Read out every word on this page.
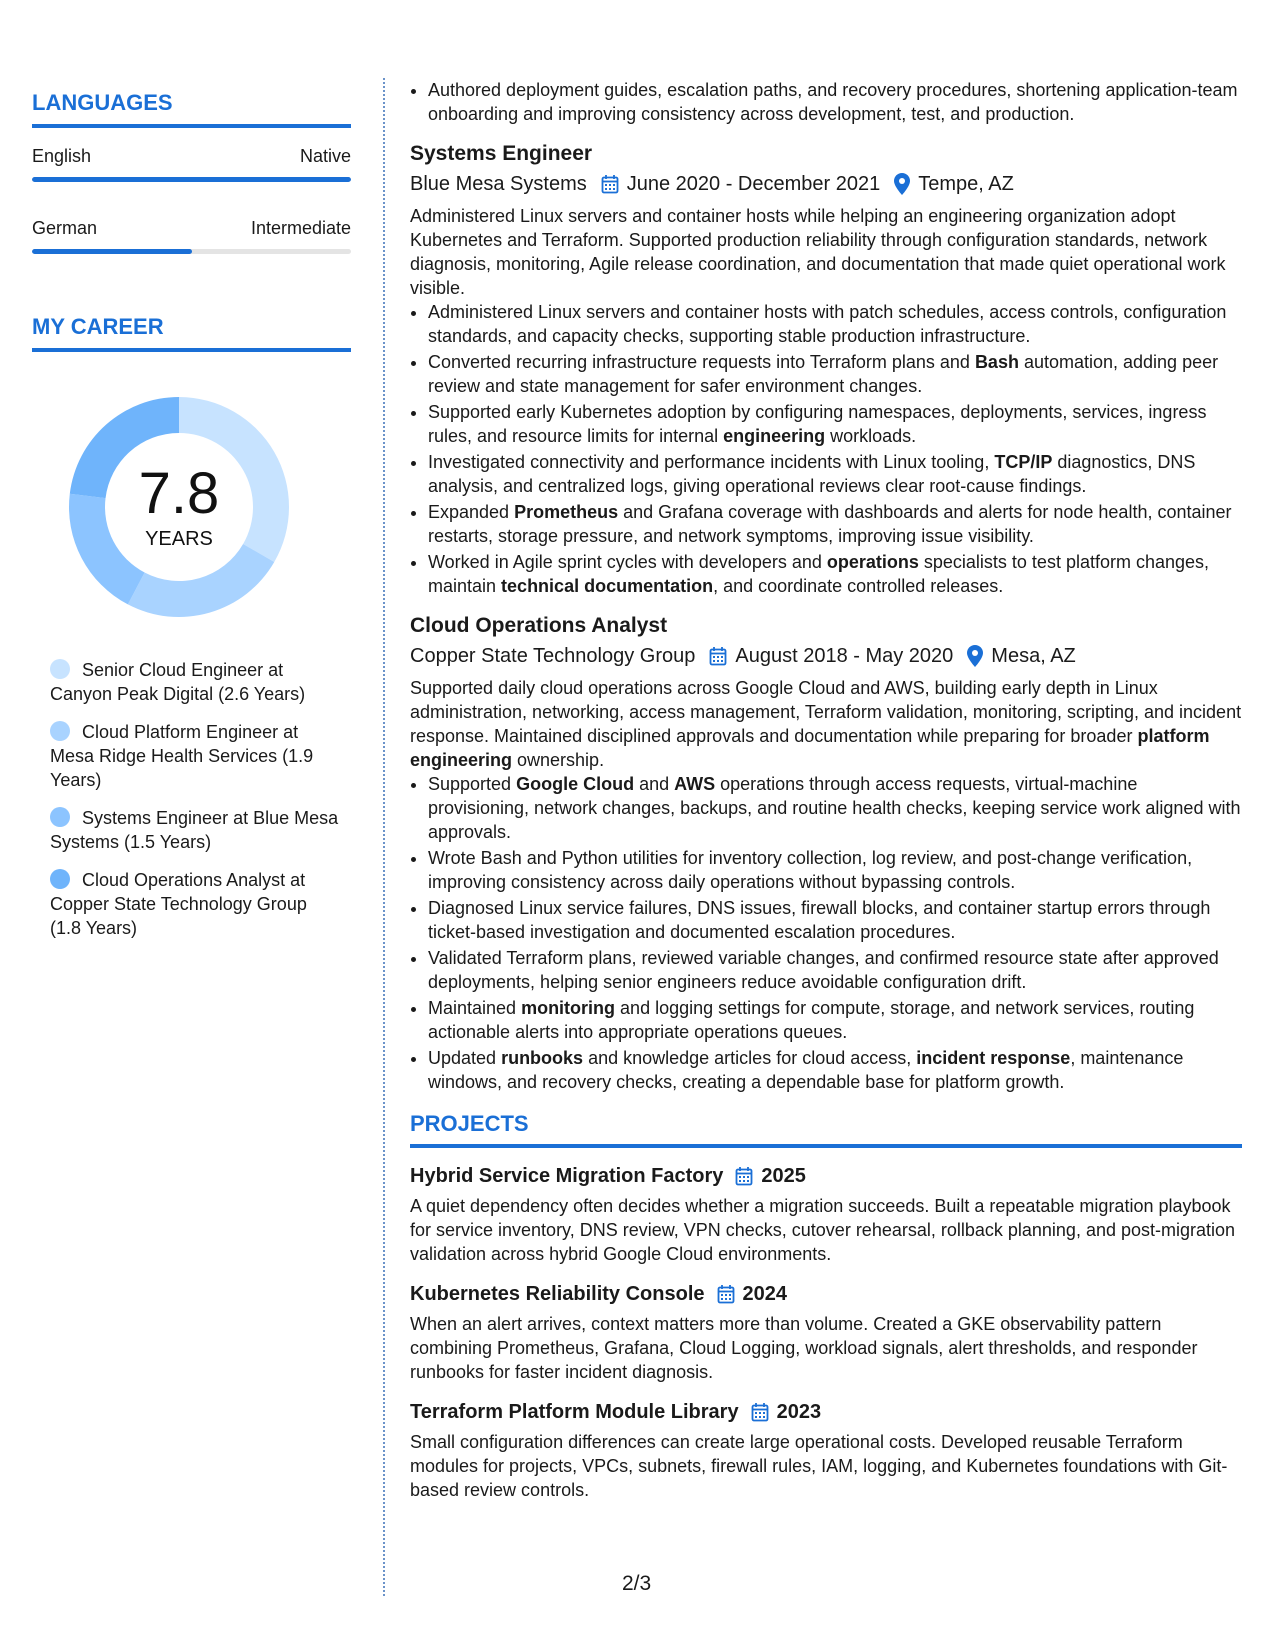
LANGUAGES
English	Native
German	Intermediate
MY CAREER
7.8
YEARS
Senior Cloud Engineer at Canyon Peak Digital (2.6 Years)
Cloud Platform Engineer at Mesa Ridge Health Services (1.9 Years)
Systems Engineer at Blue Mesa Systems (1.5 Years)
Cloud Operations Analyst at Copper State Technology Group (1.8 Years)
• Authored deployment guides, escalation paths, and recovery procedures, shortening application-team onboarding and improving consistency across development, test, and production.
Systems Engineer
Blue Mesa Systems June 2020 - December 2021 Tempe, AZ
Administered Linux servers and container hosts while helping an engineering organization adopt Kubernetes and Terraform. Supported production reliability through configuration standards, network diagnosis, monitoring, Agile release coordination, and documentation that made quiet operational work visible.
• Administered Linux servers and container hosts with patch schedules, access controls, configuration standards, and capacity checks, supporting stable production infrastructure.
• Converted recurring infrastructure requests into Terraform plans and Bash automation, adding peer review and state management for safer environment changes.
• Supported early Kubernetes adoption by configuring namespaces, deployments, services, ingress rules, and resource limits for internal engineering workloads.
• Investigated connectivity and performance incidents with Linux tooling, TCP/IP diagnostics, DNS analysis, and centralized logs, giving operational reviews clear root-cause findings.
• Expanded Prometheus and Grafana coverage with dashboards and alerts for node health, container restarts, storage pressure, and network symptoms, improving issue visibility.
• Worked in Agile sprint cycles with developers and operations specialists to test platform changes, maintain technical documentation, and coordinate controlled releases.
Cloud Operations Analyst
Copper State Technology Group August 2018 - May 2020 Mesa, AZ
Supported daily cloud operations across Google Cloud and AWS, building early depth in Linux administration, networking, access management, Terraform validation, monitoring, scripting, and incident response. Maintained disciplined approvals and documentation while preparing for broader platform engineering ownership.
• Supported Google Cloud and AWS operations through access requests, virtual-machine provisioning, network changes, backups, and routine health checks, keeping service work aligned with approvals.
• Wrote Bash and Python utilities for inventory collection, log review, and post-change verification, improving consistency across daily operations without bypassing controls.
• Diagnosed Linux service failures, DNS issues, firewall blocks, and container startup errors through ticket-based investigation and documented escalation procedures.
• Validated Terraform plans, reviewed variable changes, and confirmed resource state after approved deployments, helping senior engineers reduce avoidable configuration drift.
• Maintained monitoring and logging settings for compute, storage, and network services, routing actionable alerts into appropriate operations queues.
• Updated runbooks and knowledge articles for cloud access, incident response, maintenance windows, and recovery checks, creating a dependable base for platform growth.
PROJECTS
Hybrid Service Migration Factory 2025
A quiet dependency often decides whether a migration succeeds. Built a repeatable migration playbook for service inventory, DNS review, VPN checks, cutover rehearsal, rollback planning, and post-migration validation across hybrid Google Cloud environments.
Kubernetes Reliability Console 2024
When an alert arrives, context matters more than volume. Created a GKE observability pattern combining Prometheus, Grafana, Cloud Logging, workload signals, alert thresholds, and responder runbooks for faster incident diagnosis.
Terraform Platform Module Library 2023
Small configuration differences can create large operational costs. Developed reusable Terraform modules for projects, VPCs, subnets, firewall rules, IAM, logging, and Kubernetes foundations with Git-based review controls.
2/3
